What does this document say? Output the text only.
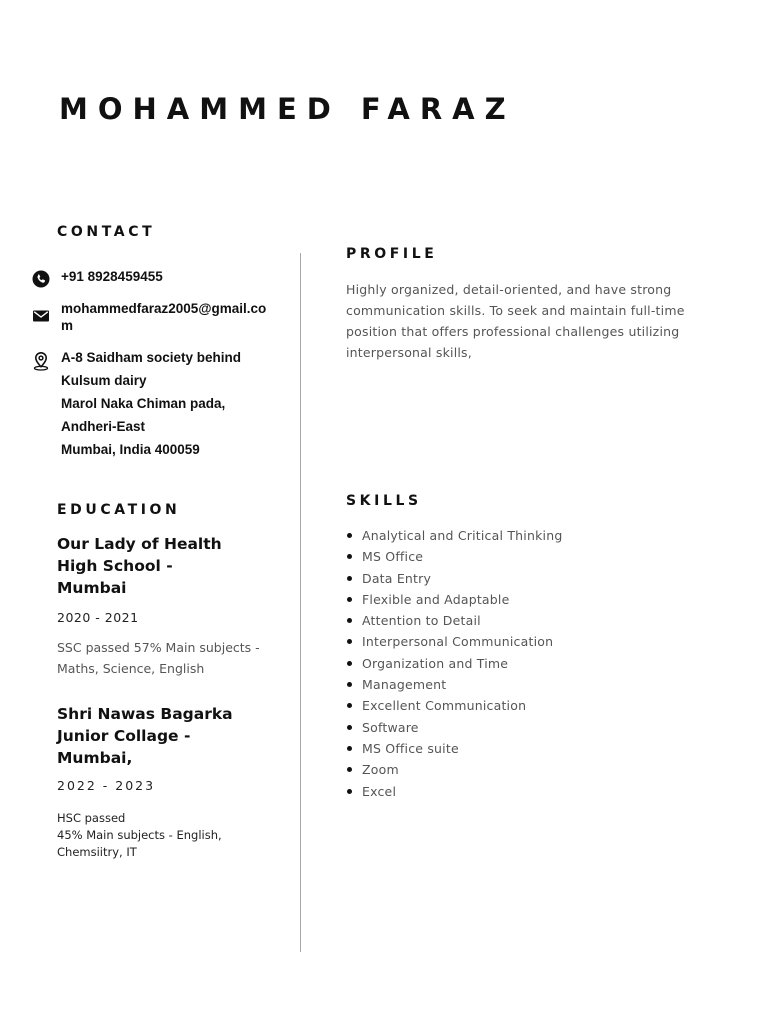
MOHAMMED FARAZ
CONTACT
+91 8928459455
mohammedfaraz2005@gmail.com
A-8 Saidham society behind
Kulsum dairy
Marol Naka Chiman pada,
Andheri-East
Mumbai, India 400059
EDUCATION
Our Lady of Health High School - Mumbai
2020 - 2021
SSC passed 57% Main subjects - Maths, Science, English
Shri Nawas Bagarka Junior Collage - Mumbai,
2022 - 2023
HSC passed
45% Main subjects - English,
Chemsiitry, IT
PROFILE

Highly organized, detail-oriented, and have strong communication skills. To seek and maintain full-time position that offers professional challenges utilizing interpersonal skills,

SKILLS
Analytical and Critical Thinking
MS Office
Data Entry
Flexible and Adaptable
Attention to Detail
Interpersonal Communication
Organization and Time
Management
Excellent Communication
Software
MS Office suite
Zoom
Excel
